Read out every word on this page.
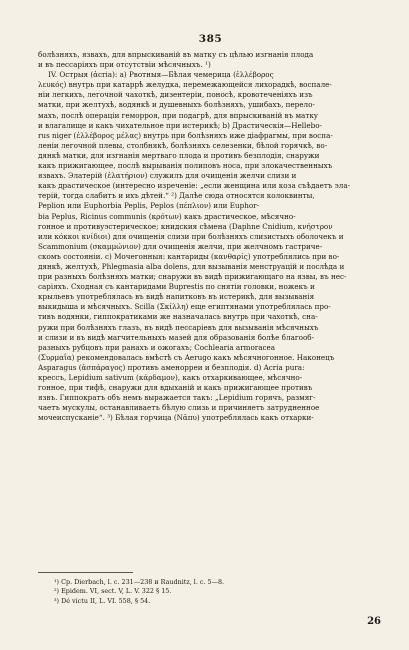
385
болѣзняхъ, язвахъ, для впрыскиваній въ матку съ цѣлью изгнанія плода
и въ пессаріяхъ при отсутствіи мѣсячныхъ. ¹)
IV. Острыя (ἀcria): а) Рвотныя—Бѣлая чемерица (ἐλλέβορος
λευκός) внутрь при катаррѣ желудка, перемежающейся лихорадкѣ, воспале-
ніи легкихъ, легочной чахоткѣ, дизентеріи, поносѣ, кровотеченіяхъ изъ
матки, при желтухѣ, водянкѣ и душевныхъ болѣзняхъ, ушибахъ, перело-
махъ, послѣ операціи геморроя, при подагрѣ, для впрыскиваній въ матку
и влагалище и какъ чихательное при истерикѣ; b) Драстическія—Hellebo-
rus niger (ἐλλέβορος μέλας) внутрь при болѣзняхъ иже діафрагмы, при воспа-
леніи легочной плевы, столбнякѣ, болѣзняхъ селезенки, бѣлой горячкѣ, во-
дянкѣ матки, для изгнанія мертваго плода и противъ безплодія, снаружи
какъ прижигающее, послѣ вырыванія полиповъ носа, при злокачественныхъ
язвахъ. Элатерій (ἐλατήριον) служилъ для очищенія желчи слизи и
какъ драстическое (интересно изреченіе: „если женщина или коза съѣдаетъ эла-
терій, тогда слабитъ и ихъ дѣтей.“ ²) Далѣе сюда относятся колоквинты,
Peplion или Euphorbia Peplis, Peplos (πέπλιον) или Euphor-
bia Peplus, Ricinus communis (κρότων) какъ драстическое, мѣсячно-
гонное и противуэстерическое; книдския сѣмена (Daphne Cnidium, κνήστρον
или κόκκοι κνίδιοι) для очищенія слизи при болѣзняхъ слизистыхъ оболочекъ и
Scammonium (σκαμμώνιον) для очищенія желчи, при желчномъ гастриче-
скомъ состояніи. c) Мочегонныя: кантариды (κανθαρίς) употреблялись при во-
дянкѣ, желтухѣ, Phlegmasia alba dolens, для вызыванія менструацій и послѣда и
при разныхъ болѣзняхъ матки; снаружи въ видѣ прижигающаго на язвы, въ нес-
саріяхъ. Сходная съ кантаридами Buprestis по снятіи головки, ножекъ и
крыльевъ употреблялась въ видѣ напитковъ въ истерикѣ, для вызыванія
выкидыша и мѣсячныхъ. Scilla (Σκίλλη) еще египтянами употреблялась про-
тивъ водянки, гиппократиками же назначалась внутрь при чахоткѣ, сна-
ружи при болѣзняхъ глазъ, въ видѣ пессаріевъ для вызыванія мѣсячныхъ
и слизи и въ видѣ магчительныхъ мазей для образованія болѣе благооб-
разныхъ рубцовъ при ранахъ и ожогахъ; Cochlearia armoracea
(Συρμαΐα) рекомендовалась вмѣстѣ съ Aerugo какъ мѣсячногонное. Наконецъ
Asparagus (ἀσπάραγος) противъ аменорреи и безплодія. d) Acria pura:
крессъ, Lepidium sativum (κάρδαμον), какъ отхаркивающее, мѣсячно-
гонное, при тифѣ, снаружи для вдыханій и какъ прижигающее противъ
язвъ. Гиппократъ объ немъ выражается такъ: „Lepidium горячъ, размяг-
чаетъ мускулы, останавливаетъ бѣлую слизь и причиняетъ затрудненное
мочеиспусканіе“. ³) Бѣлая горчица (Νᾶπυ) употреблялась какъ отхарки-
¹) Ср. Dierbach, l. c. 231—238 и Raudnitz, l. c. 5—8.
²) Epidem. VI, sect. V, L. V. 322 § 15.
³) Dé victu II, L. VI. 558, § 54.
26
